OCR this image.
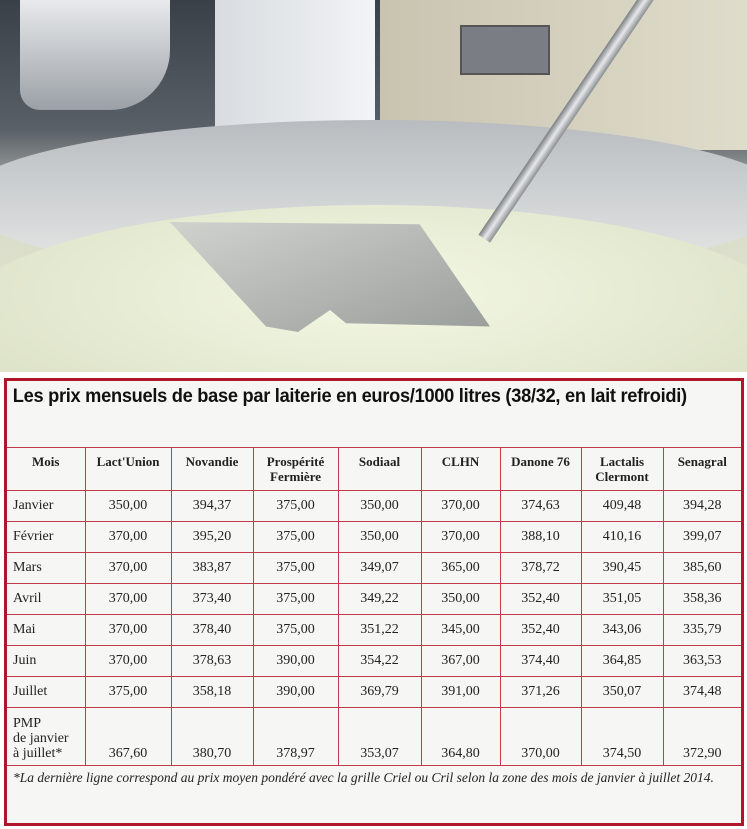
Les prix mensuels de base par laiterie en euros/1000 litres (38/32, en lait refroidi)
Mois	Lact'Union	Novandie	Prospérité Fermière	Sodiaal	CLHN	Danone 76	Lactalis Clermont	Senagral
Janvier	350,00	394,37	375,00	350,00	370,00	374,63	409,48	394,28
Février	370,00	395,20	375,00	350,00	370,00	388,10	410,16	399,07
Mars	370,00	383,87	375,00	349,07	365,00	378,72	390,45	385,60
Avril	370,00	373,40	375,00	349,22	350,00	352,40	351,05	358,36
Mai	370,00	378,40	375,00	351,22	345,00	352,40	343,06	335,79
Juin	370,00	378,63	390,00	354,22	367,00	374,40	364,85	363,53
Juillet	375,00	358,18	390,00	369,79	391,00	371,26	350,07	374,48

PMP
de janvier
à juillet*	367,60	380,70	378,97	353,07	364,80	370,00	374,50	372,90
*La dernière ligne correspond au prix moyen pondéré avec la grille Criel ou Cril selon la zone des mois de janvier à juillet 2014.
